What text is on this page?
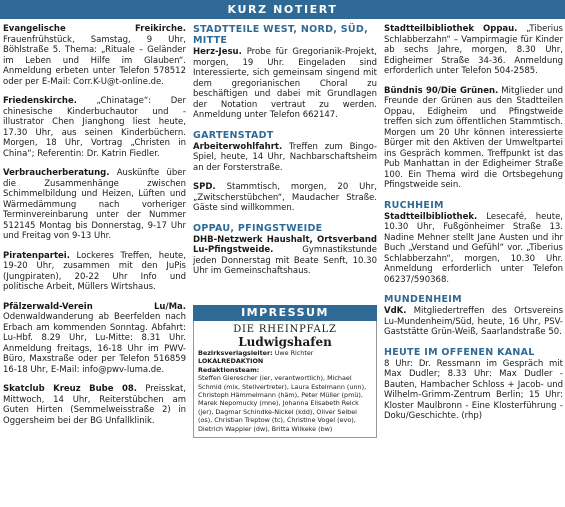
KURZ NOTIERT

Evangelische Freikirche. Frauenfrühstück, Samstag, 9 Uhr, Böhlstraße 5. Thema: „Rituale – Geländer im Leben und Hilfe im Glauben“. Anmeldung erbeten unter Telefon 578512 oder per E-Mail: Corr.K-U@t-online.de.

Friedenskirche. „Chinatage“: Der chinesische Kinderbuchautor und -illustrator Chen Jianghong liest heute, 17.30 Uhr, aus seinen Kinderbüchern. Morgen, 18 Uhr, Vortrag „Christen in China“; Referentin: Dr. Katrin Fiedler.

Verbraucherberatung. Auskünfte über die Zusammenhänge zwischen Schimmelbildung und Heizen, Lüften und Wärmedämmung nach vorheriger Terminvereinbarung unter der Nummer 512145 Montag bis Donnerstag, 9-17 Uhr und Freitag von 9-13 Uhr.

Piratenpartei. Lockeres Treffen, heute, 19-20 Uhr, zusammen mit den JuPis (Jungpiraten), 20-22 Uhr Info und politische Arbeit, Müllers Wirtshaus.

Pfälzerwald-Verein Lu/Ma. Odenwaldwanderung ab Beerfelden nach Erbach am kommenden Sonntag. Abfahrt: Lu-Hbf. 8.29 Uhr, Lu-Mitte: 8.31 Uhr. Anmeldung freitags, 16-18 Uhr im PWV-Büro, Maxstraße oder per Telefon 516859 16-18 Uhr, E-Mail: info@pwv-luma.de.

Skatclub Kreuz Bube 08. Preisskat, Mittwoch, 14 Uhr, Reiterstübchen am Guten Hirten (Semmelweisstraße 2) in Oggersheim bei der BG Unfallklinik.

STADTTEILE WEST, NORD, SÜD, MITTE

Herz-Jesu. Probe für Gregorianik-Projekt, morgen, 19 Uhr. Eingeladen sind Interessierte, sich gemeinsam singend mit dem gregorianischen Choral zu beschäftigen und dabei mit Grundlagen der Notation vertraut zu werden. Anmeldung unter Telefon 662147.

GARTENSTADT

Arbeiterwohlfahrt. Treffen zum Bingo-Spiel, heute, 14 Uhr, Nachbarschaftsheim an der Forsterstraße.

SPD. Stammtisch, morgen, 20 Uhr, „Zwitscherstübchen“, Maudacher Straße. Gäste sind willkommen.

OPPAU, PFINGSTWEIDE

DHB-Netzwerk Haushalt, Ortsverband Lu-Pfingstweide. Gymnastikstunde jeden Donnerstag mit Beate Senft, 10.30 Uhr im Gemeinschaftshaus.

IMPRESSUM
DIE RHEINPFALZ
Ludwigshafen
Bezirksverlagsleiter: Uwe Richter
LOKALREDAKTION
Redaktionsteam:
Steffen Gierescher (ier, verantwortlich), Michael Schmid (mix, Stellvertreter), Laura Estelmann (unn), Christoph Hämmelmann (häm), Peter Müller (pmü), Marek Nepomucky (mne), Johanna Elisabeth Reick (jer), Dagmar Schindke-Nickel (kdd), Oliver Seibel (os), Christian Treptow (tc), Christine Vogel (evo), Dietrich Wappler (dw), Britta Wilkeke (bw)

Stadtteilbibliothek Oppau. „Tiberius Schlabberzahn“ – Vampirmagie für Kinder ab sechs Jahre, morgen, 8.30 Uhr, Edigheimer Straße 34-36. Anmeldung erforderlich unter Telefon 504-2585.

Bündnis 90/Die Grünen. Mitglieder und Freunde der Grünen aus den Stadtteilen Oppau, Edigheim und Pfingstweide treffen sich zum öffentlichen Stammtisch. Morgen um 20 Uhr können interessierte Bürger mit den Aktiven der Umweltpartei ins Gespräch kommen. Treffpunkt ist das Pub Manhattan in der Edigheimer Straße 100. Ein Thema wird die Ortsbegehung Pfingstweide sein.

RUCHHEIM

Stadtteilbibliothek. Lesecafé, heute, 10.30 Uhr, Fußgönheimer Straße 13. Nadine Mehner stellt Jane Austen und ihr Buch „Verstand und Gefühl“ vor. „Tiberius Schlabberzahn“, morgen, 10.30 Uhr. Anmeldung erforderlich unter Telefon 06237/590368.

MUNDENHEIM

VdK. Mitgliedertreffen des Ortsvereins Lu-Mundenheim/Süd, heute, 16 Uhr, PSV-Gaststätte Grün-Weiß, Saarlandstraße 50.

HEUTE IM OFFENEN KANAL

8 Uhr: Dr. Ressmann im Gespräch mit Max Dudler; 8.33 Uhr: Max Dudler - Bauten, Hambacher Schloss + Jacob- und Wilhelm-Grimm-Zentrum Berlin; 15 Uhr: Kloster Maulbronn - Eine Klosterführung - Doku/Geschichte. (rhp)
